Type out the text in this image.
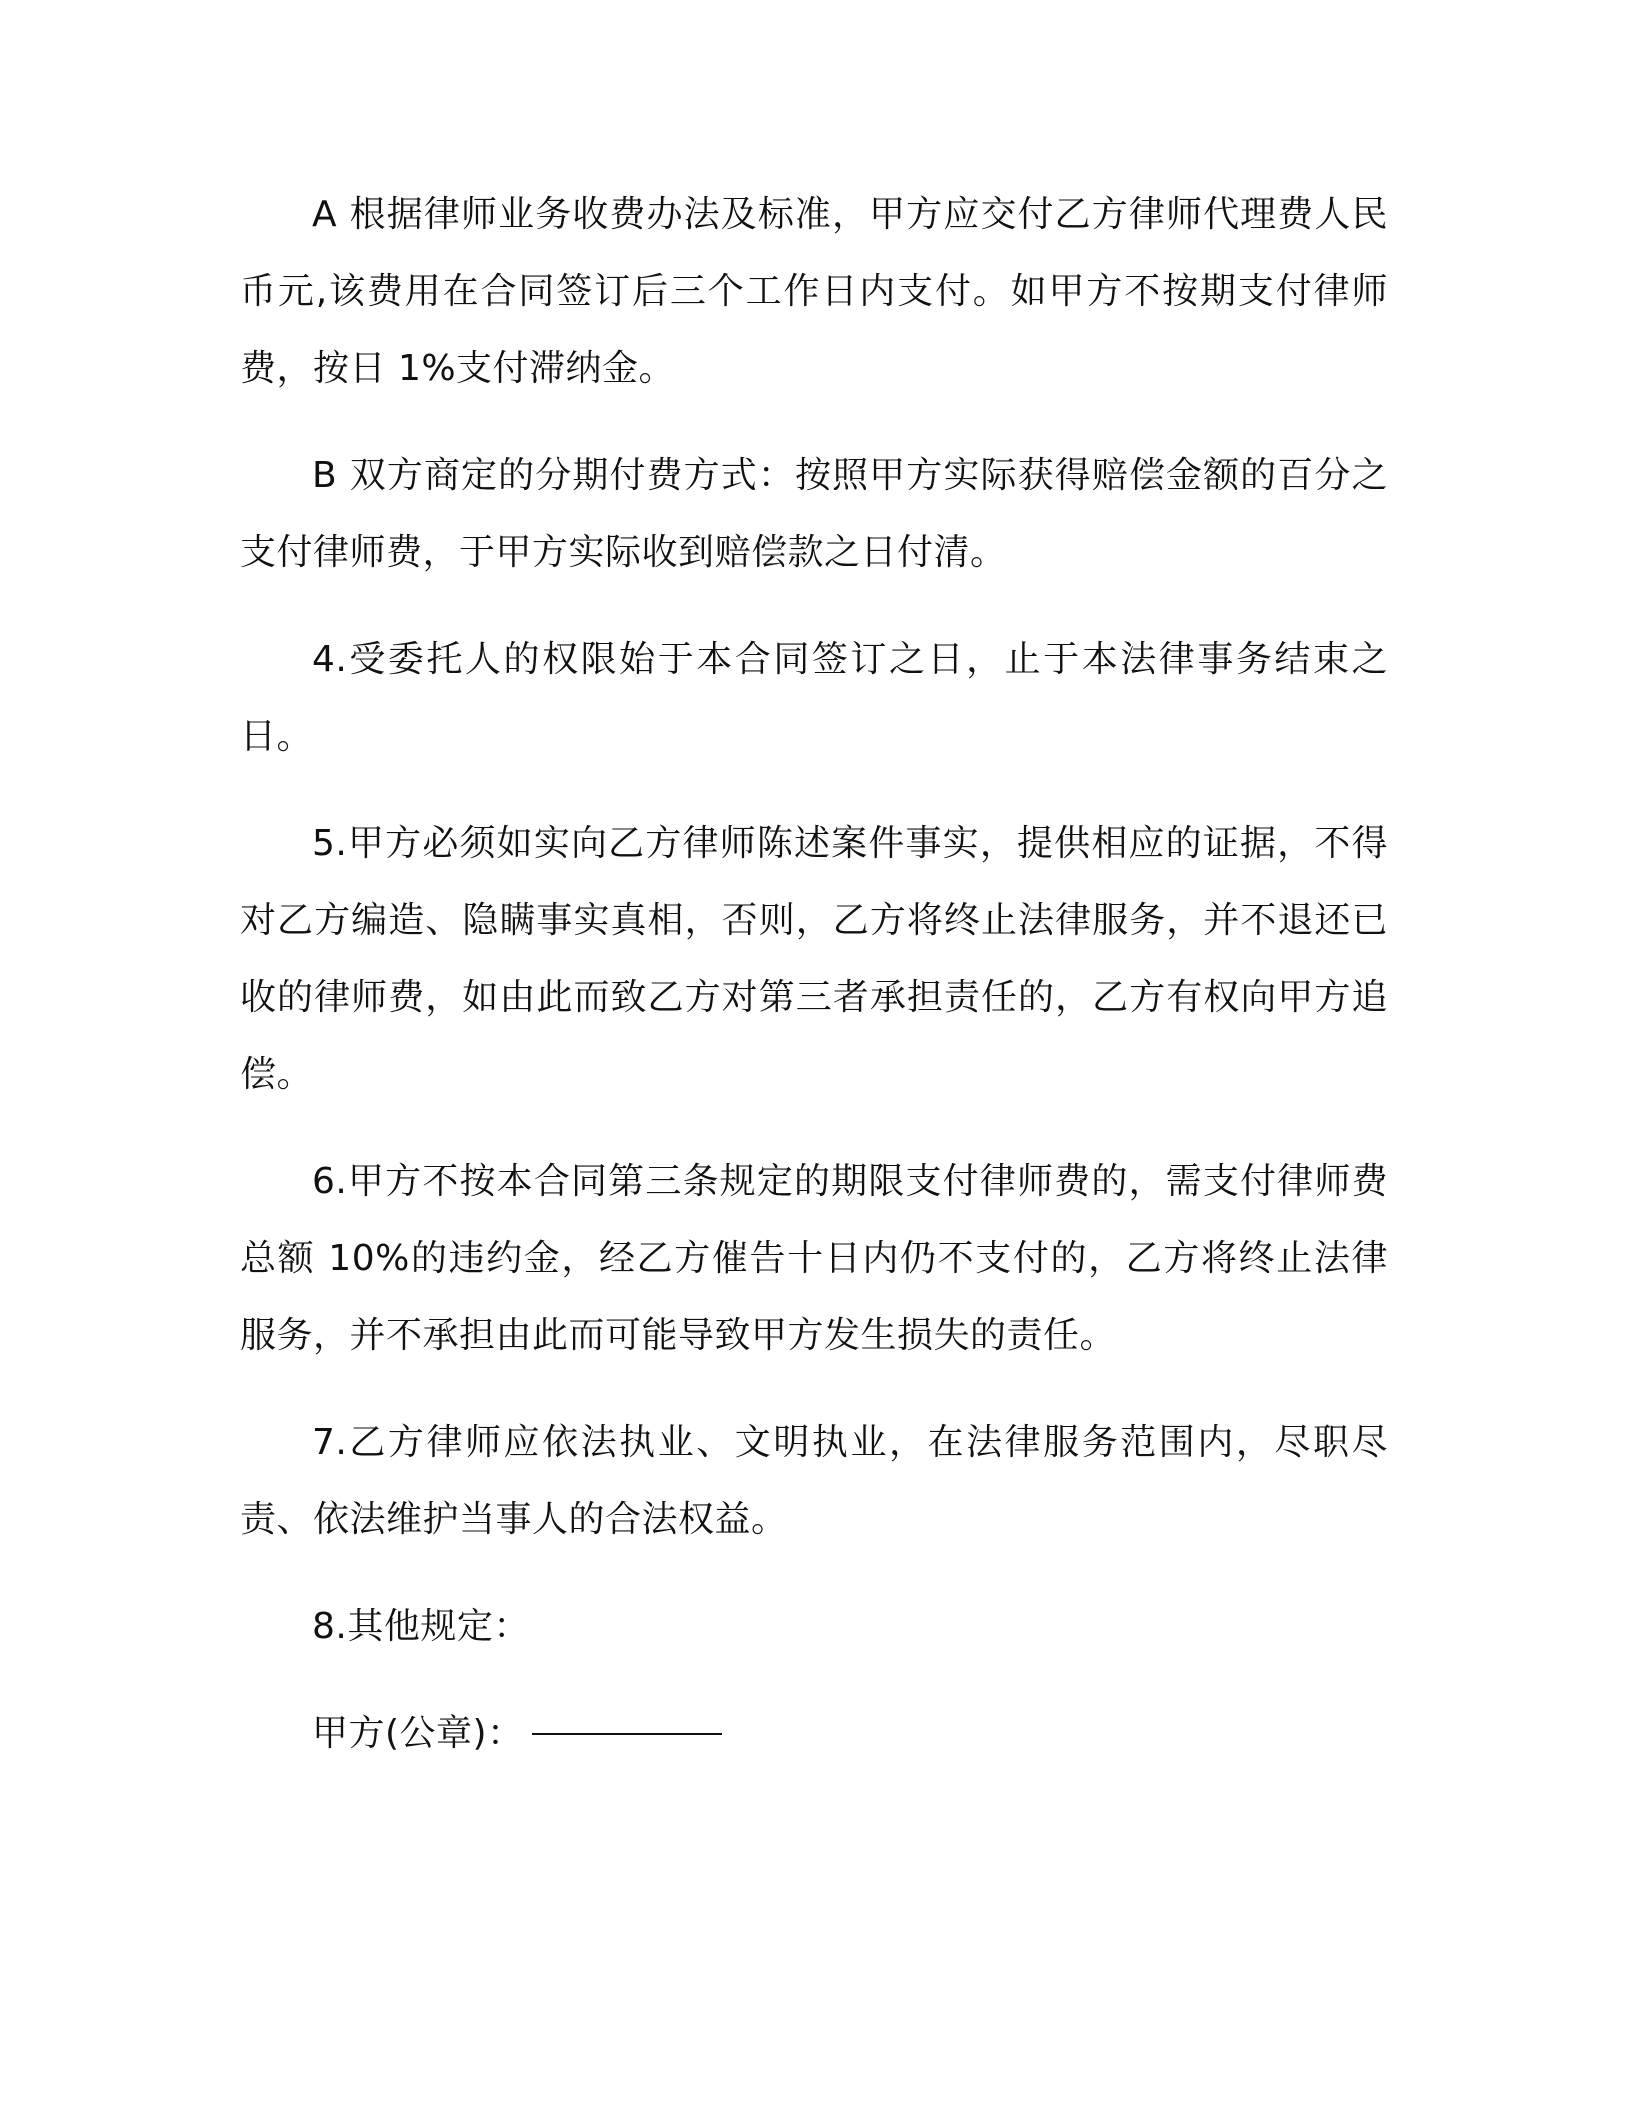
A 根据律师业务收费办法及标准，甲方应交付乙方律师代理费人民币元,该费用在合同签订后三个工作日内支付。如甲方不按期支付律师费，按日 1%支付滞纳金。

B 双方商定的分期付费方式：按照甲方实际获得赔偿金额的百分之 支付律师费，于甲方实际收到赔偿款之日付清。

4.受委托人的权限始于本合同签订之日，止于本法律事务结束之日。

5.甲方必须如实向乙方律师陈述案件事实，提供相应的证据，不得对乙方编造、隐瞒事实真相，否则，乙方将终止法律服务，并不退还已收的律师费，如由此而致乙方对第三者承担责任的，乙方有权向甲方追偿。

6.甲方不按本合同第三条规定的期限支付律师费的，需支付律师费总额 10%的违约金，经乙方催告十日内仍不支付的，乙方将终止法律服务，并不承担由此而可能导致甲方发生损失的责任。

7.乙方律师应依法执业、文明执业，在法律服务范围内，尽职尽责、依法维护当事人的合法权益。

8.其他规定：

甲方(公章)：
